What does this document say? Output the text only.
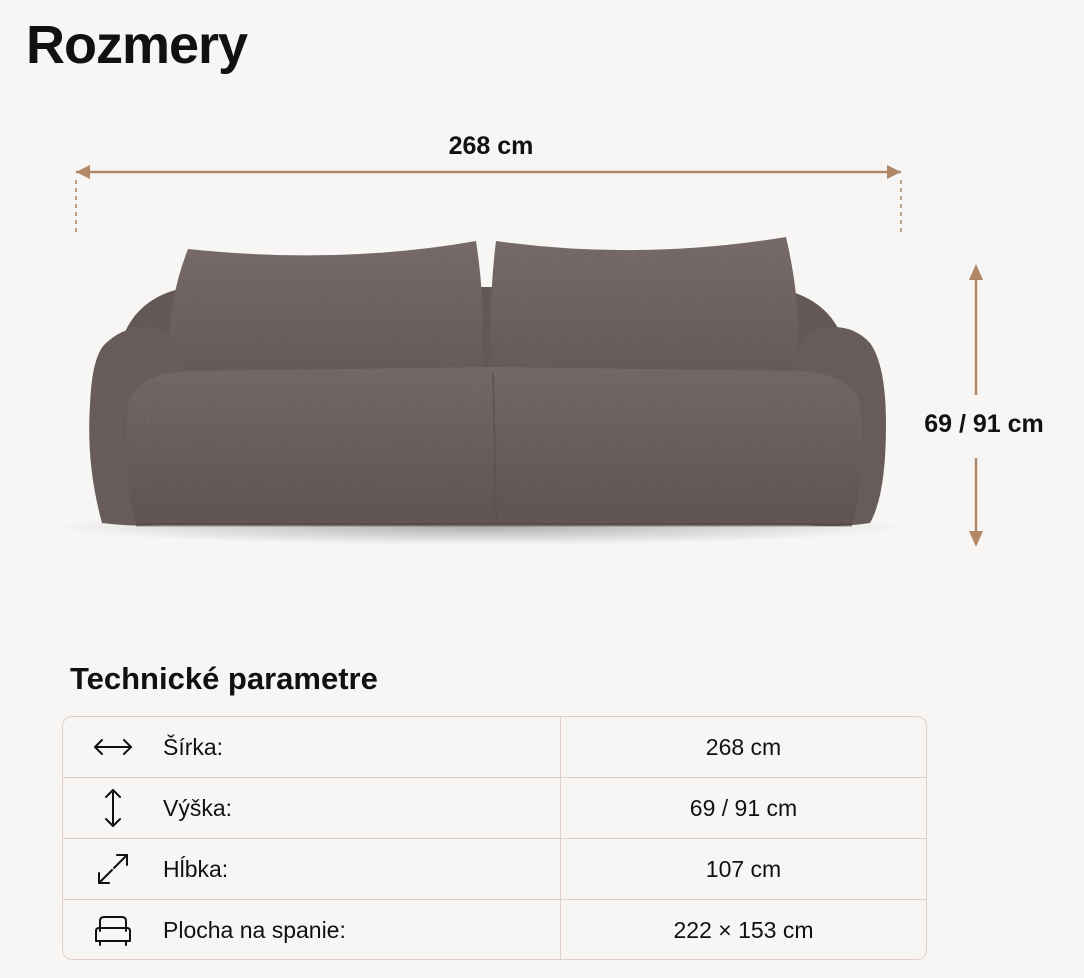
Rozmery
268 cm
69 / 91 cm
Technické parametre
Šírka:	268 cm
Výška:	69 / 91 cm
Hĺbka:	107 cm
Plocha na spanie:	222 × 153 cm
